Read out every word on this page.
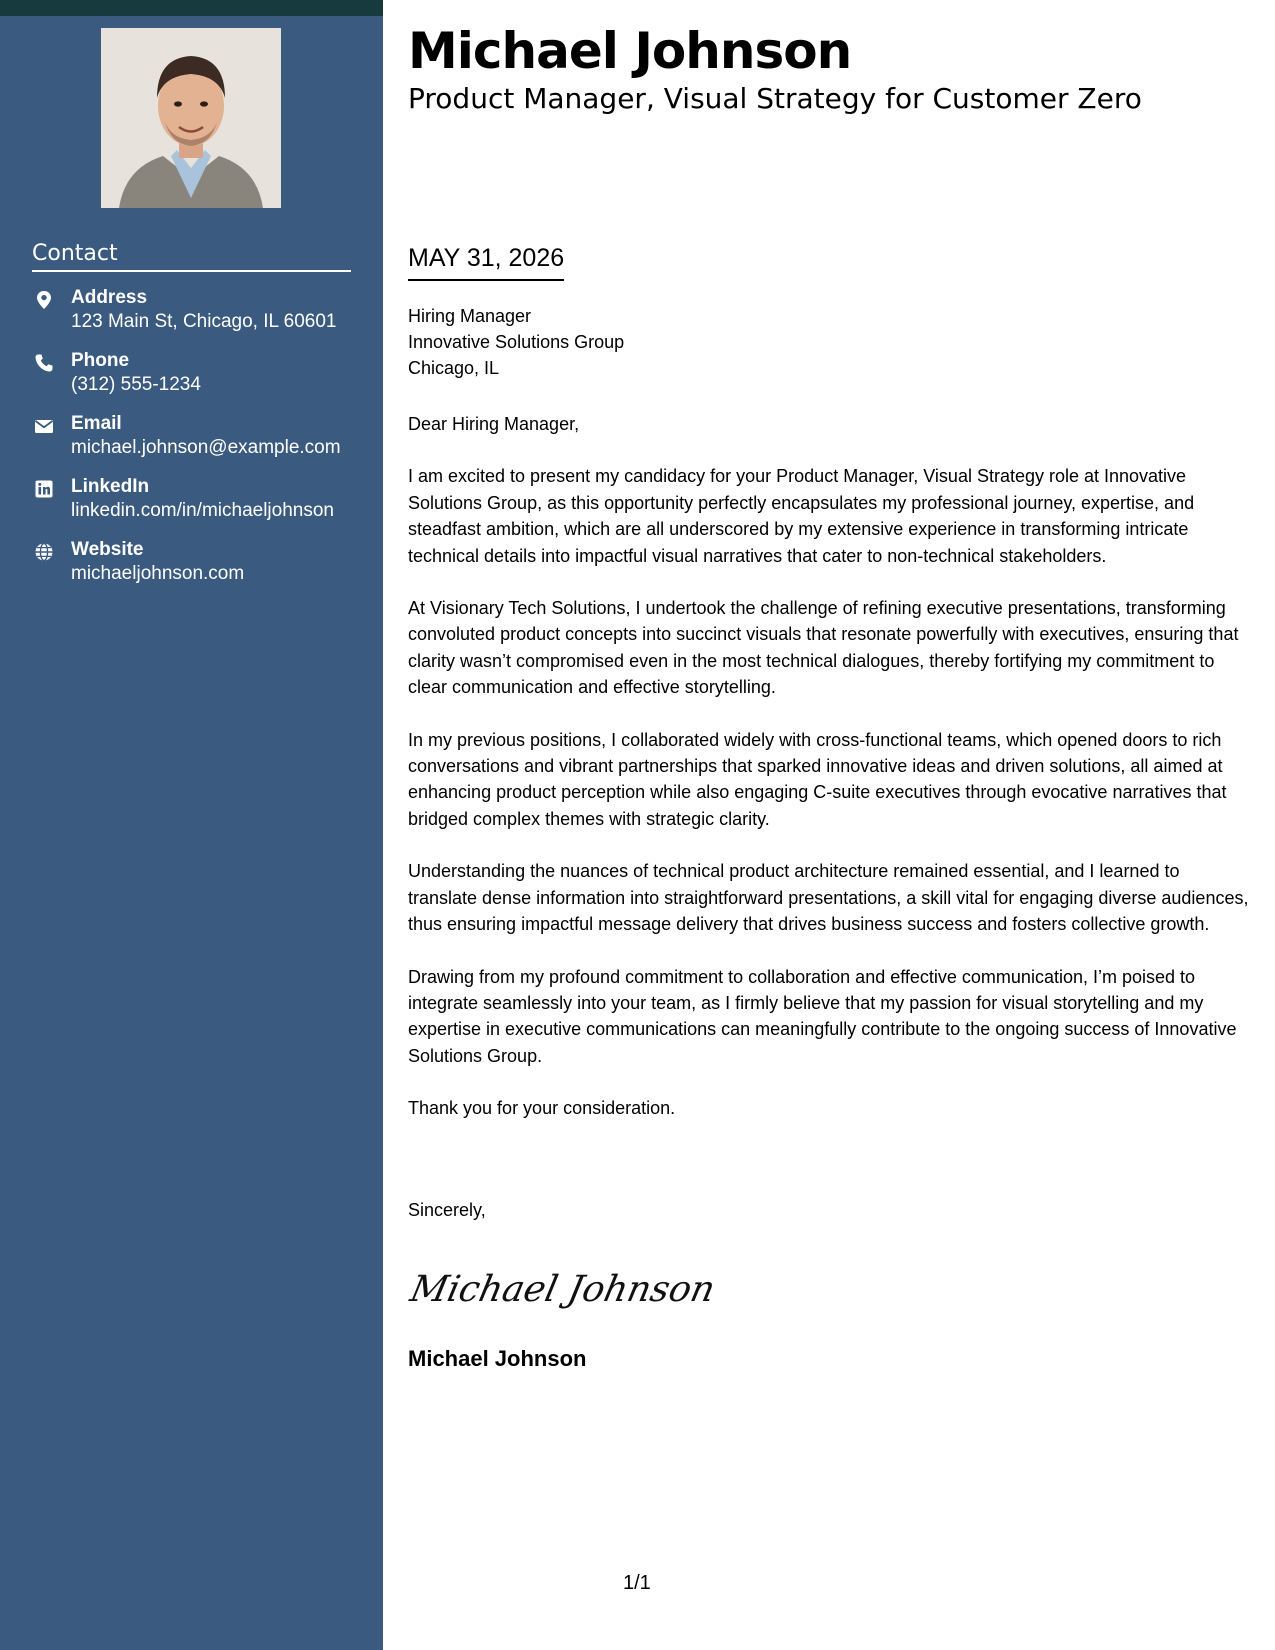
Contact
Address
123 Main St, Chicago, IL 60601
Phone
(312) 555-1234
Email
michael.johnson@example.com
LinkedIn
linkedin.com/in/michaeljohnson
Website
michaeljohnson.com
Michael Johnson
Product Manager, Visual Strategy for Customer Zero
MAY 31, 2026
Hiring Manager
Innovative Solutions Group
Chicago, IL

Dear Hiring Manager,

I am excited to present my candidacy for your Product Manager, Visual Strategy role at Innovative Solutions Group, as this opportunity perfectly encapsulates my professional journey, expertise, and steadfast ambition, which are all underscored by my extensive experience in transforming intricate technical details into impactful visual narratives that cater to non-technical stakeholders.

At Visionary Tech Solutions, I undertook the challenge of refining executive presentations, transforming convoluted product concepts into succinct visuals that resonate powerfully with executives, ensuring that clarity wasn’t compromised even in the most technical dialogues, thereby fortifying my commitment to clear communication and effective storytelling.

In my previous positions, I collaborated widely with cross-functional teams, which opened doors to rich conversations and vibrant partnerships that sparked innovative ideas and driven solutions, all aimed at enhancing product perception while also engaging C-suite executives through evocative narratives that bridged complex themes with strategic clarity.

Understanding the nuances of technical product architecture remained essential, and I learned to translate dense information into straightforward presentations, a skill vital for engaging diverse audiences, thus ensuring impactful message delivery that drives business success and fosters collective growth.

Drawing from my profound commitment to collaboration and effective communication, I’m poised to integrate seamlessly into your team, as I firmly believe that my passion for visual storytelling and my expertise in executive communications can meaningfully contribute to the ongoing success of Innovative Solutions Group.

Thank you for your consideration.

Sincerely,
Michael Johnson
Michael Johnson
1/1
